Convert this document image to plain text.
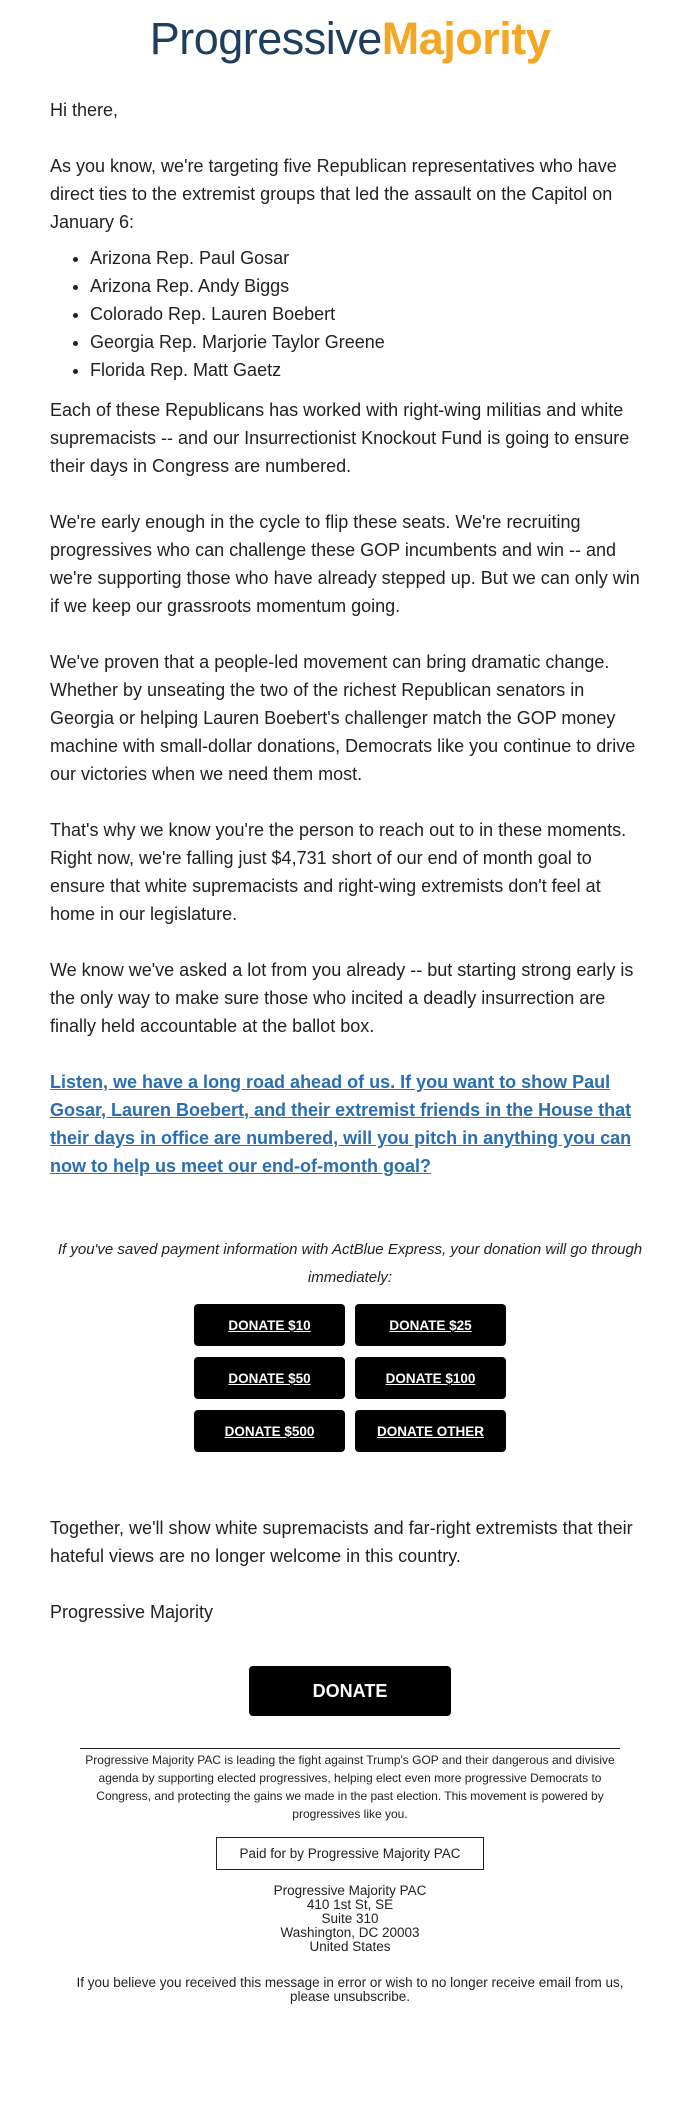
ProgressiveMajority

Hi there,

As you know, we're targeting five Republican representatives who have direct ties to the extremist groups that led the assault on the Capitol on January 6:

• Arizona Rep. Paul Gosar
• Arizona Rep. Andy Biggs
• Colorado Rep. Lauren Boebert
• Georgia Rep. Marjorie Taylor Greene
• Florida Rep. Matt Gaetz

Each of these Republicans has worked with right-wing militias and white supremacists -- and our Insurrectionist Knockout Fund is going to ensure their days in Congress are numbered.

We're early enough in the cycle to flip these seats. We're recruiting progressives who can challenge these GOP incumbents and win -- and we're supporting those who have already stepped up. But we can only win if we keep our grassroots momentum going.

We've proven that a people-led movement can bring dramatic change. Whether by unseating the two of the richest Republican senators in Georgia or helping Lauren Boebert's challenger match the GOP money machine with small-dollar donations, Democrats like you continue to drive our victories when we need them most.

That's why we know you're the person to reach out to in these moments. Right now, we're falling just $4,731 short of our end of month goal to ensure that white supremacists and right-wing extremists don't feel at home in our legislature.

We know we've asked a lot from you already -- but starting strong early is the only way to make sure those who incited a deadly insurrection are finally held accountable at the ballot box.

Listen, we have a long road ahead of us. If you want to show Paul Gosar, Lauren Boebert, and their extremist friends in the House that their days in office are numbered, will you pitch in anything you can now to help us meet our end-of-month goal?

If you've saved payment information with ActBlue Express, your donation will go through immediately:

DONATE $10	DONATE $25
DONATE $50	DONATE $100
DONATE $500	DONATE OTHER

Together, we'll show white supremacists and far-right extremists that their hateful views are no longer welcome in this country.

Progressive Majority

DONATE
Progressive Majority PAC is leading the fight against Trump's GOP and their dangerous and divisive agenda by supporting elected progressives, helping elect even more progressive Democrats to Congress, and protecting the gains we made in the past election. This movement is powered by progressives like you.
Paid for by Progressive Majority PAC
Progressive Majority PAC
410 1st St, SE
Suite 310
Washington, DC 20003
United States
If you believe you received this message in error or wish to no longer receive email from us, please unsubscribe.
